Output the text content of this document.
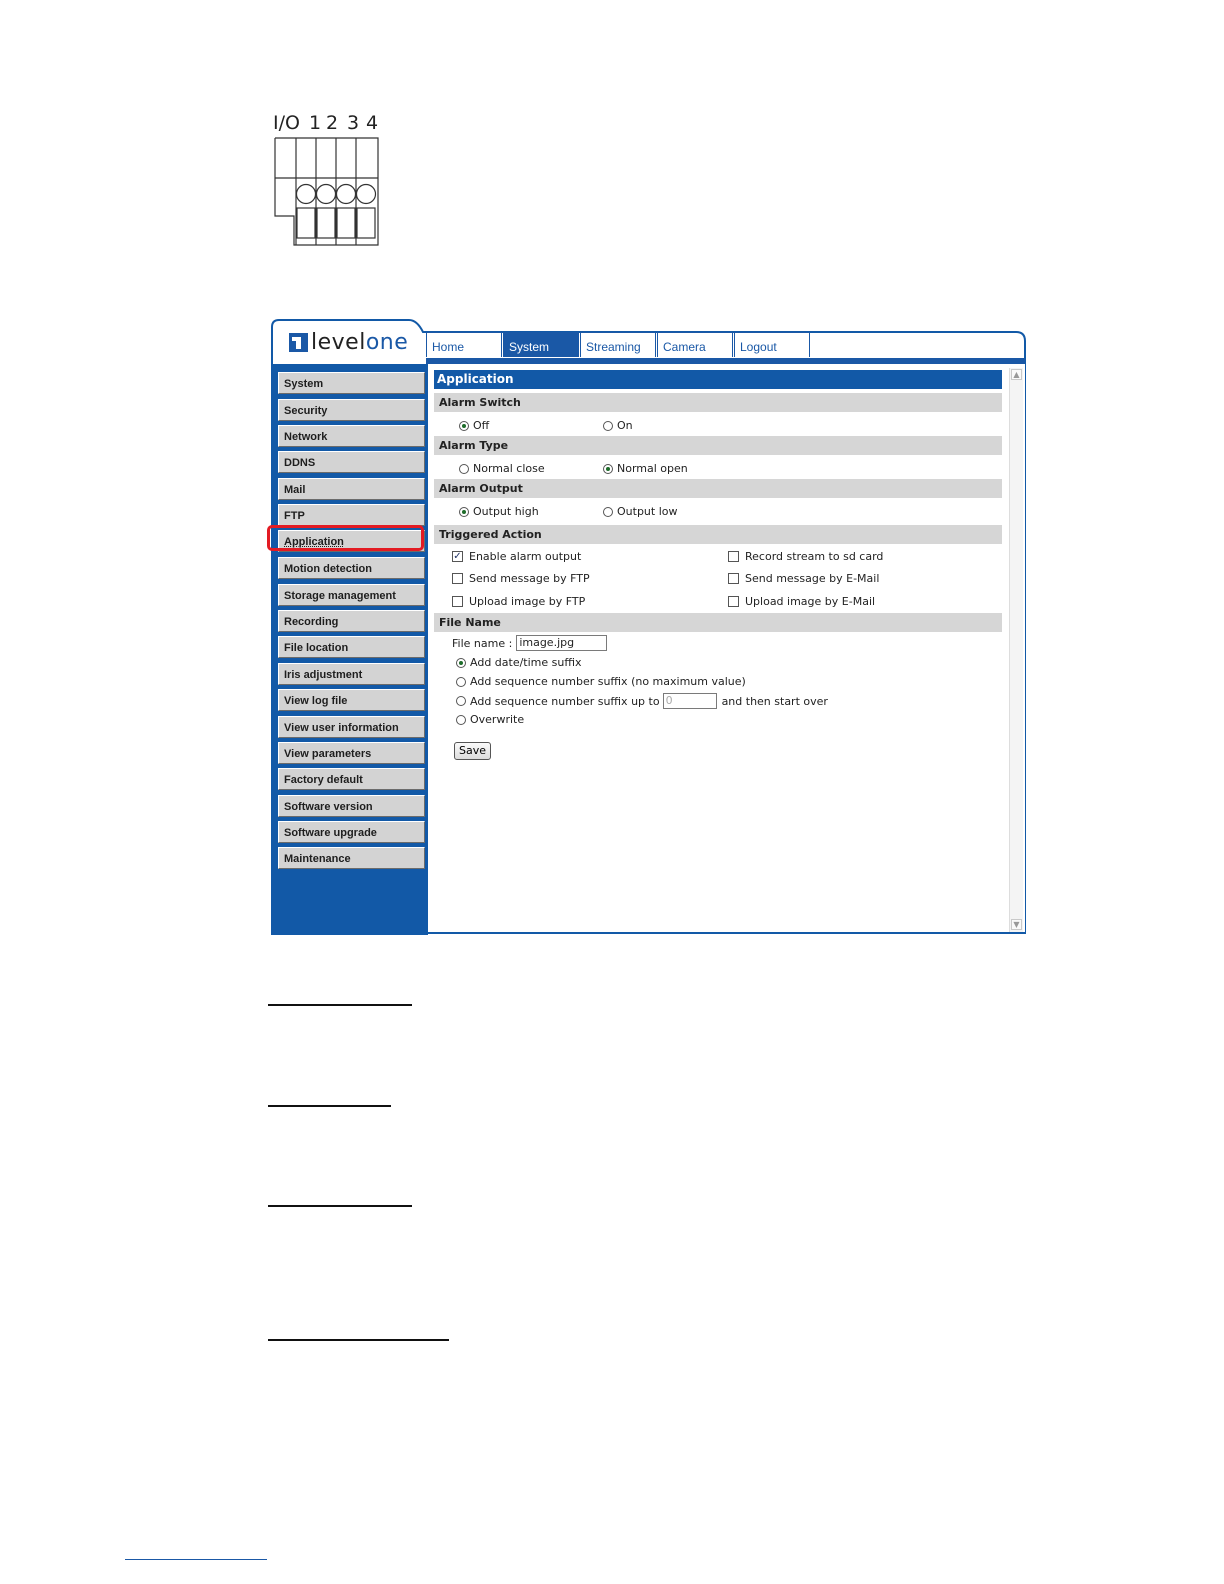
I/O 1 2 3 4
levelone	Home	System	Streaming	Camera	Logout
System
Security
Network
DDNS
Mail
FTP
Application
Motion detection
Storage management
Recording
File location
Iris adjustment
View log file
View user information
View parameters
Factory default
Software version
Software upgrade
Maintenance
Application
Alarm Switch
Off	On
Alarm Type
Normal close	Normal open
Alarm Output
Output high	Output low
Triggered Action
✓ Enable alarm output	Record stream to sd card
Send message by FTP	Send message by E-Mail
Upload image by FTP	Upload image by E-Mail
File Name
File name : image.jpg
Add date/time suffix
Add sequence number suffix (no maximum value)
Add sequence number suffix up to 0	and then start over
Overwrite
Save
▲
▼
